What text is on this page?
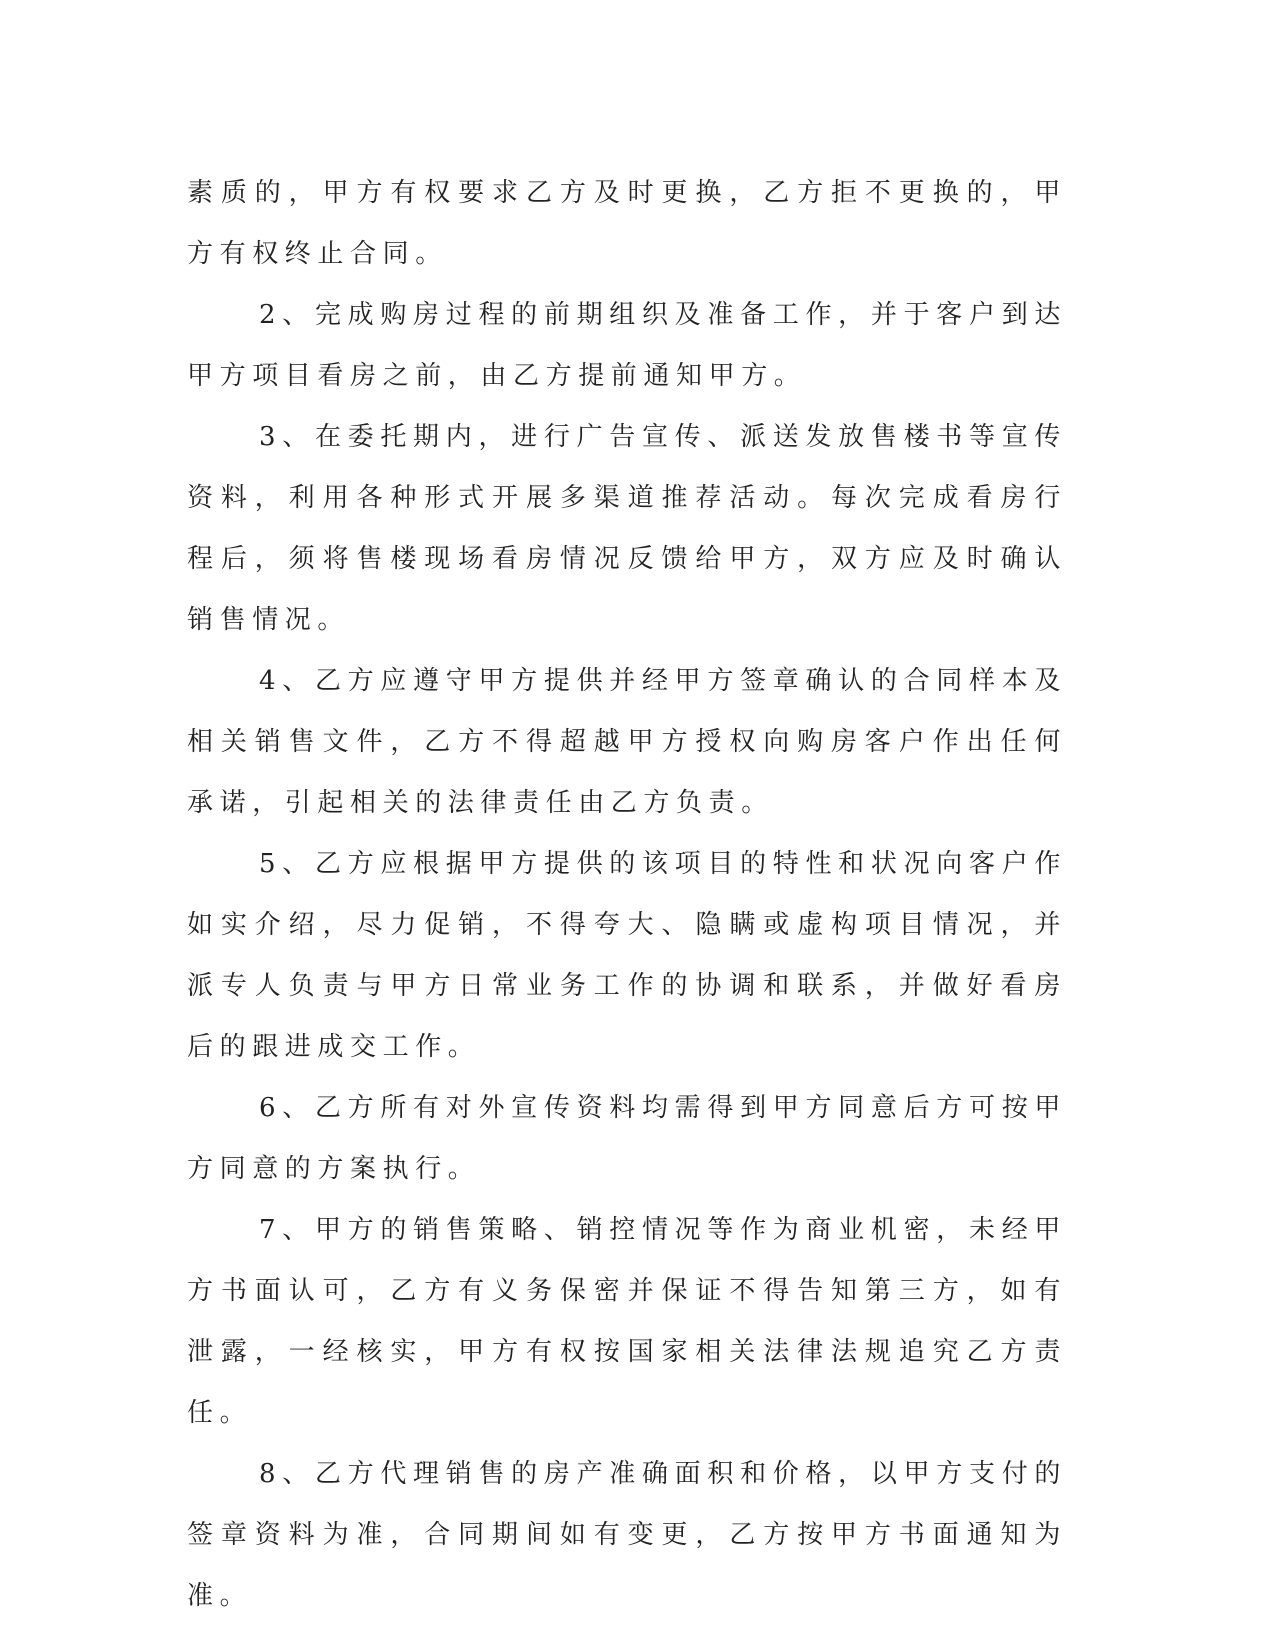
素质的，甲方有权要求乙方及时更换，乙方拒不更换的，甲方有权终止合同。

2、完成购房过程的前期组织及准备工作，并于客户到达甲方项目看房之前，由乙方提前通知甲方。

3、在委托期内，进行广告宣传、派送发放售楼书等宣传资料，利用各种形式开展多渠道推荐活动。每次完成看房行程后，须将售楼现场看房情况反馈给甲方，双方应及时确认销售情况。

4、乙方应遵守甲方提供并经甲方签章确认的合同样本及相关销售文件，乙方不得超越甲方授权向购房客户作出任何承诺，引起相关的法律责任由乙方负责。

5、乙方应根据甲方提供的该项目的特性和状况向客户作如实介绍，尽力促销，不得夸大、隐瞒或虚构项目情况，并派专人负责与甲方日常业务工作的协调和联系，并做好看房后的跟进成交工作。

6、乙方所有对外宣传资料均需得到甲方同意后方可按甲方同意的方案执行。

7、甲方的销售策略、销控情况等作为商业机密，未经甲方书面认可，乙方有义务保密并保证不得告知第三方，如有泄露，一经核实，甲方有权按国家相关法律法规追究乙方责任。

8、乙方代理销售的房产准确面积和价格，以甲方支付的签章资料为准，合同期间如有变更，乙方按甲方书面通知为准。
